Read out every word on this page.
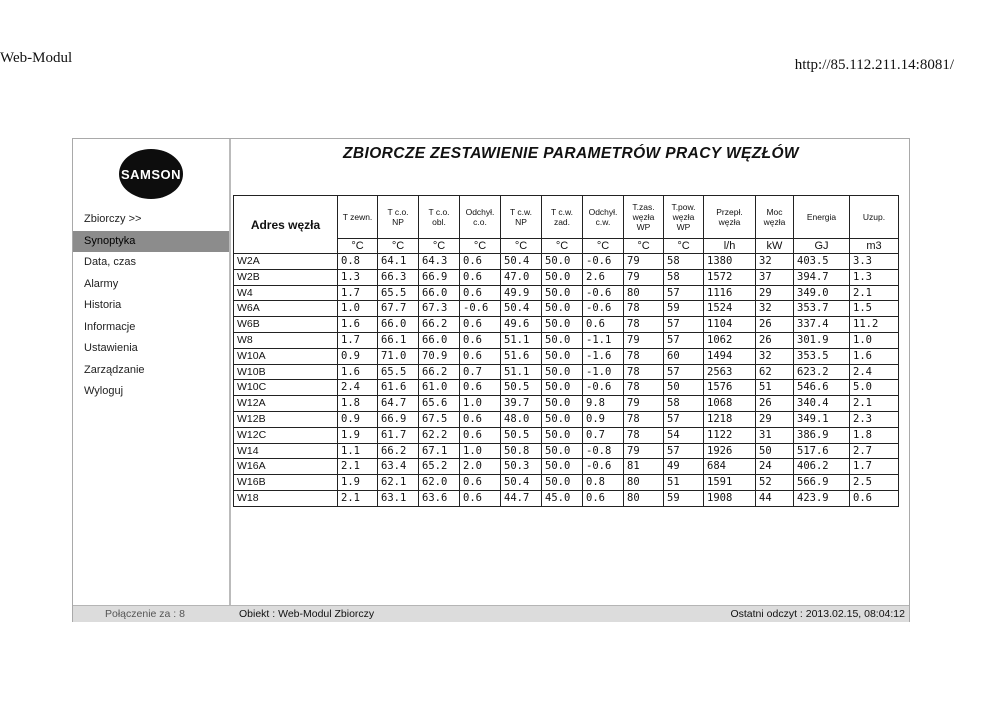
Web-Modul	http://85.112.211.14:8081/
SAMSON
Zbiorczy >>
Synoptyka
Data, czas
Alarmy
Historia
Informacje
Ustawienia
Zarządzanie
Wyloguj
ZBIORCZE ZESTAWIENIE PARAMETRÓW PRACY WĘZŁÓW
Adres węzła	T zewn.	T c.o. NP	T c.o. obl.	Odchył. c.o.	T c.w. NP	T c.w. zad.	Odchył. c.w.	T.zas. węzła WP	T.pow. węzła WP	Przepł. węzła	Moc węzła	Energia	Uzup.
	°C	°C	°C	°C	°C	°C	°C	°C	°C	l/h	kW	GJ	m3
W2A	0.8	64.1	64.3	0.6	50.4	50.0	-0.6	79	58	1380	32	403.5	3.3
W2B	1.3	66.3	66.9	0.6	47.0	50.0	2.6	79	58	1572	37	394.7	1.3
W4	1.7	65.5	66.0	0.6	49.9	50.0	-0.6	80	57	1116	29	349.0	2.1
W6A	1.0	67.7	67.3	-0.6	50.4	50.0	-0.6	78	59	1524	32	353.7	1.5
W6B	1.6	66.0	66.2	0.6	49.6	50.0	0.6	78	57	1104	26	337.4	11.2
W8	1.7	66.1	66.0	0.6	51.1	50.0	-1.1	79	57	1062	26	301.9	1.0
W10A	0.9	71.0	70.9	0.6	51.6	50.0	-1.6	78	60	1494	32	353.5	1.6
W10B	1.6	65.5	66.2	0.7	51.1	50.0	-1.0	78	57	2563	62	623.2	2.4
W10C	2.4	61.6	61.0	0.6	50.5	50.0	-0.6	78	50	1576	51	546.6	5.0
W12A	1.8	64.7	65.6	1.0	39.7	50.0	9.8	79	58	1068	26	340.4	2.1
W12B	0.9	66.9	67.5	0.6	48.0	50.0	0.9	78	57	1218	29	349.1	2.3
W12C	1.9	61.7	62.2	0.6	50.5	50.0	0.7	78	54	1122	31	386.9	1.8
W14	1.1	66.2	67.1	1.0	50.8	50.0	-0.8	79	57	1926	50	517.6	2.7
W16A	2.1	63.4	65.2	2.0	50.3	50.0	-0.6	81	49	684	24	406.2	1.7
W16B	1.9	62.1	62.0	0.6	50.4	50.0	0.8	80	51	1591	52	566.9	2.5
W18	2.1	63.1	63.6	0.6	44.7	45.0	0.6	80	59	1908	44	423.9	0.6
Połączenie za : 8	Obiekt : Web-Modul Zbiorczy	Ostatni odczyt : 2013.02.15, 08:04:12
